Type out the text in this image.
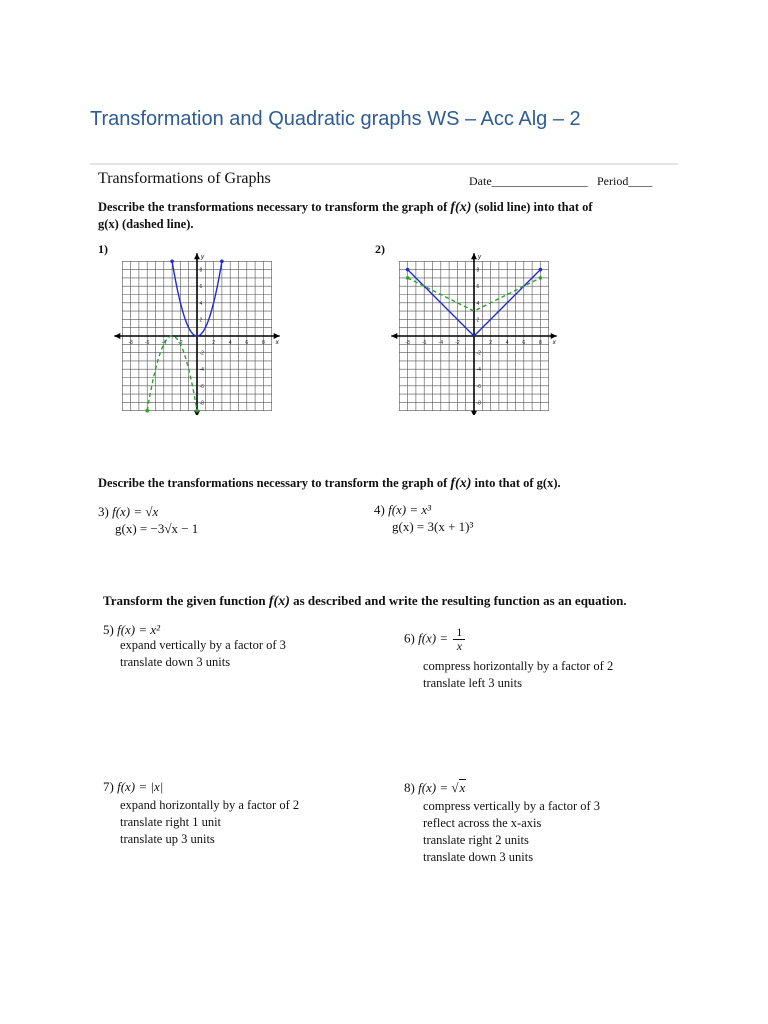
Transformation and Quadratic graphs WS – Acc Alg – 2
Transformations of Graphs	Date________________ Period____
Describe the transformations necessary to transform the graph of f(x) (solid line) into that of
g(x) (dashed line).
1)	2)
-8
-8
-6
-6
-4
-4
-2
-2
2
2
4
4
6
6
8
8
x
y
-8
-8
-6
-6
-4
-4
-2
-2
2
2
4
4
6
6
8
8
x
y
Describe the transformations necessary to transform the graph of f(x) into that of g(x).
3) f(x) = √x
g(x) = −3√x − 1
4) f(x) = x³
g(x) = 3(x + 1)³
Transform the given function f(x) as described and write the resulting function as an equation.
5) f(x) = x²
expand vertically by a factor of 3
translate down 3 units
6) $f(x) = \frac{1}{x}$
compress horizontally by a factor of 2
translate left 3 units
7) f(x) = |x|
expand horizontally by a factor of 2
translate right 1 unit
translate up 3 units
8) f(x) = √x
compress vertically by a factor of 3
reflect across the x-axis
translate right 2 units
translate down 3 units
